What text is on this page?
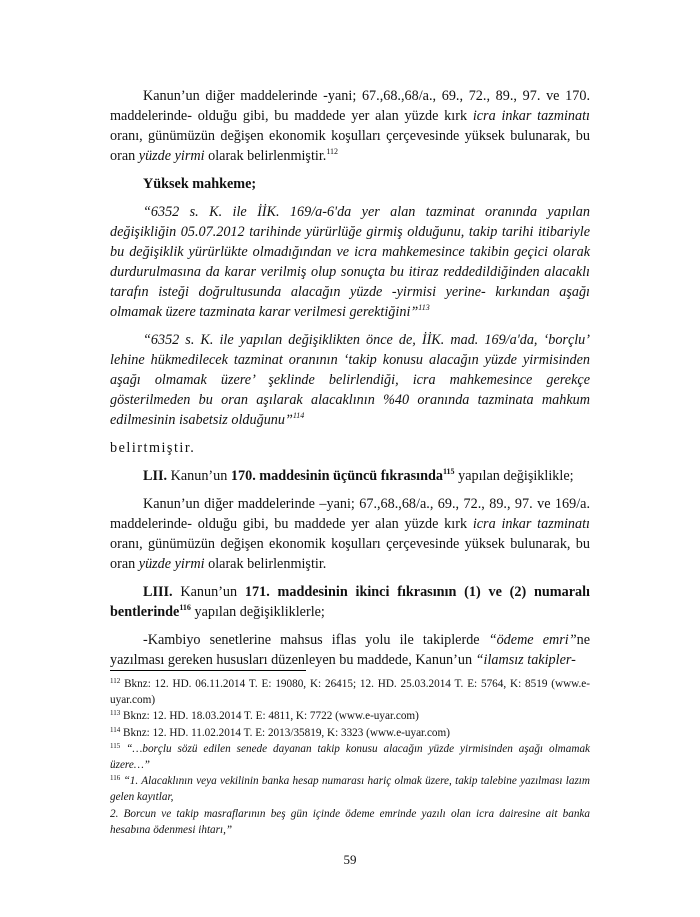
Kanun’un diğer maddelerinde -yani; 67.,68.,68/a., 69., 72., 89., 97. ve 170. maddelerinde- olduğu gibi, bu maddede yer alan yüzde kırk icra inkar tazminatı oranı, günümüzün değişen ekonomik koşulları çerçevesinde yüksek bulunarak, bu oran yüzde yirmi olarak belirlenmiştir.$^{112}$

Yüksek mahkeme;

“6352 s. K. ile İİK. 169/a-6'da yer alan tazminat oranında yapılan değişikliğin 05.07.2012 tarihinde yürürlüğe girmiş olduğunu, takip tarihi itibariyle bu değişiklik yürürlükte olmadığından ve icra mahkemesince takibin geçici olarak durdurulmasına da karar verilmiş olup sonuçta bu itiraz reddedildiğinden alacaklı tarafın isteği doğrultusunda alacağın yüzde -yirmisi yerine- kırkından aşağı olmamak üzere tazminata karar verilmesi gerektiğini”$^{113}$

“6352 s. K. ile yapılan değişiklikten önce de, İİK. mad. 169/a'da, ‘borçlu’ lehine hükmedilecek tazminat oranının ‘takip konusu alacağın yüzde yirmisinden aşağı olmamak üzere’ şeklinde belirlendiği, icra mahkemesince gerekçe gösterilmeden bu oran aşılarak alacaklının %40 oranında tazminata mahkum edilmesinin isabetsiz olduğunu”$^{114}$

belirtmiştir.

LII. Kanun’un 170. maddesinin üçüncü fıkrasında$^{115}$ yapılan değişiklikle;

Kanun’un diğer maddelerinde –yani; 67.,68.,68/a., 69., 72., 89., 97. ve 169/a. maddelerinde- olduğu gibi, bu maddede yer alan yüzde kırk icra inkar tazminatı oranı, günümüzün değişen ekonomik koşulları çerçevesinde yüksek bulunarak, bu oran yüzde yirmi olarak belirlenmiştir.

LIII. Kanun’un 171. maddesinin ikinci fıkrasının (1) ve (2) numaralı bentlerinde$^{116}$ yapılan değişikliklerle;

-Kambiyo senetlerine mahsus iflas yolu ile takiplerde “ödeme emri”ne yazılması gereken hususları düzenleyen bu maddede, Kanun’un “ilamsız takipler-

$^{112}$ Bknz: 12. HD. 06.11.2014 T. E: 19080, K: 26415; 12. HD. 25.03.2014 T. E: 5764, K: 8519 (www.e-uyar.com)

$^{113}$ Bknz: 12. HD. 18.03.2014 T. E: 4811, K: 7722 (www.e-uyar.com)

$^{114}$ Bknz: 12. HD. 11.02.2014 T. E: 2013/35819, K: 3323 (www.e-uyar.com)

$^{115}$ “…borçlu sözü edilen senede dayanan takip konusu alacağın yüzde yirmisinden aşağı olmamak üzere…”

$^{116}$ “1. Alacaklının veya vekilinin banka hesap numarası hariç olmak üzere, takip talebine yazılması lazım gelen kayıtlar,

2. Borcun ve takip masraflarının beş gün içinde ödeme emrinde yazılı olan icra dairesine ait banka hesabına ödenmesi ihtarı,”

59
